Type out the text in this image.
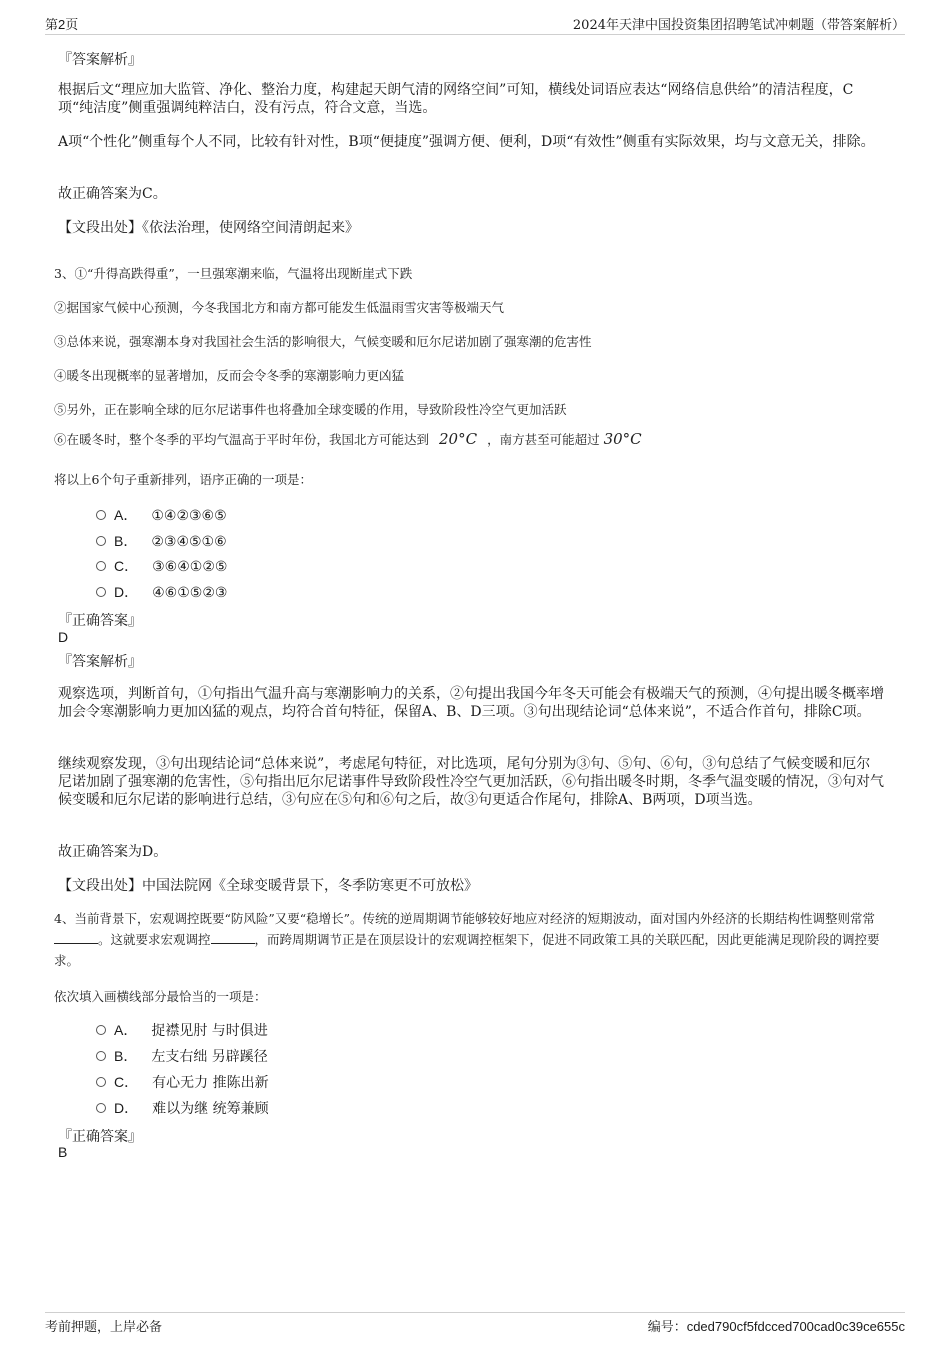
第2页	2024年天津中国投资集团招聘笔试冲刺题（带答案解析）
『答案解析』
根据后文“理应加大监管、净化、整治力度，构建起天朗气清的网络空间”可知，横线处词语应表达“网络信息供给”的清洁程度，C项“纯洁度”侧重强调纯粹洁白，没有污点，符合文意，当选。
A项“个性化”侧重每个人不同，比较有针对性，B项“便捷度”强调方便、便利，D项“有效性”侧重有实际效果，均与文意无关，排除。
故正确答案为C。
【文段出处】《依法治理，使网络空间清朗起来》
3、①“升得高跌得重”，一旦强寒潮来临，气温将出现断崖式下跌
②据国家气候中心预测，今冬我国北方和南方都可能发生低温雨雪灾害等极端天气
③总体来说，强寒潮本身对我国社会生活的影响很大，气候变暖和厄尔尼诺加剧了强寒潮的危害性
④暖冬出现概率的显著增加，反而会令冬季的寒潮影响力更凶猛
⑤另外，正在影响全球的厄尔尼诺事件也将叠加全球变暖的作用，导致阶段性冷空气更加活跃
⑥在暖冬时，整个冬季的平均气温高于平时年份，我国北方可能达到 20°C ，南方甚至可能超过 30°C
将以上6个句子重新排列，语序正确的一项是：
A． ①④②③⑥⑤
B． ②③④⑤①⑥
C． ③⑥④①②⑤
D． ④⑥①⑤②③
『正确答案』
D
『答案解析』
观察选项，判断首句，①句指出气温升高与寒潮影响力的关系，②句提出我国今年冬天可能会有极端天气的预测，④句提出暖冬概率增加会令寒潮影响力更加凶猛的观点，均符合首句特征，保留A、B、D三项。③句出现结论词“总体来说”，不适合作首句，排除C项。
继续观察发现，③句出现结论词“总体来说”，考虑尾句特征，对比选项，尾句分别为③句、⑤句、⑥句，③句总结了气候变暖和厄尔尼诺加剧了强寒潮的危害性，⑤句指出厄尔尼诺事件导致阶段性冷空气更加活跃，⑥句指出暖冬时期，冬季气温变暖的情况，③句对气候变暖和厄尔尼诺的影响进行总结，③句应在⑤句和⑥句之后，故③句更适合作尾句，排除A、B两项，D项当选。
故正确答案为D。
【文段出处】中国法院网《全球变暖背景下，冬季防寒更不可放松》
4、当前背景下，宏观调控既要“防风险”又要“稳增长”。传统的逆周期调节能够较好地应对经济的短期波动，面对国内外经济的长期结构性调整则常常。这就要求宏观调控	，而跨周期调节正是在顶层设计的宏观调控框架下，促进不同政策工具的关联匹配，因此更能满足现阶段的调控要求。
依次填入画横线部分最恰当的一项是：
A． 捉襟见肘 与时俱进
B． 左支右绌 另辟蹊径
C． 有心无力 推陈出新
D． 难以为继 统筹兼顾
『正确答案』
B
考前押题，上岸必备	编号：cded790cf5fdcced700cad0c39ce655c
